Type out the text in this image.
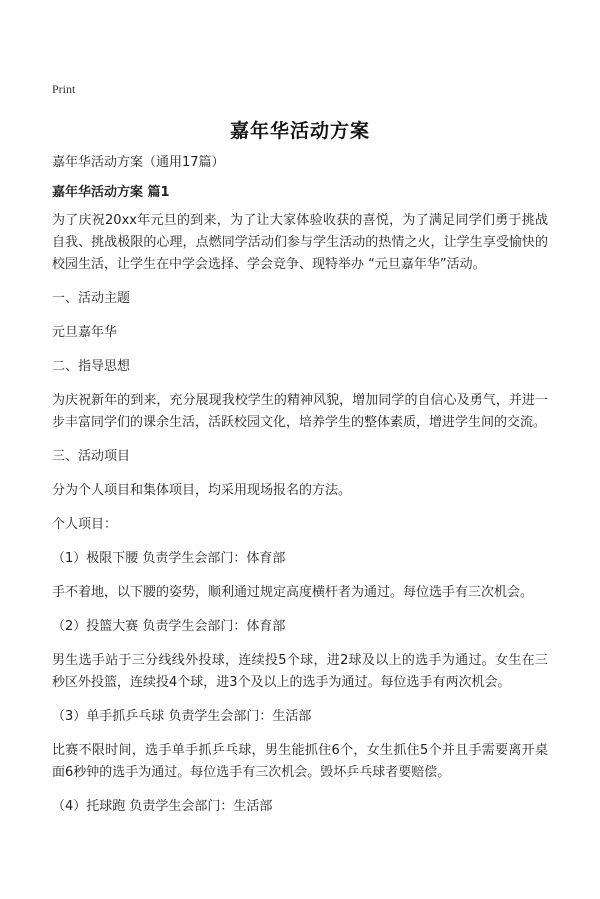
Print
嘉年华活动方案

嘉年华活动方案（通用17篇）

嘉年华活动方案 篇1

为了庆祝20xx年元旦的到来，为了让大家体验收获的喜悦，为了满足同学们勇于挑战自我、挑战极限的心理，点燃同学活动们参与学生活动的热情之火，让学生享受愉快的校园生活，让学生在中学会选择、学会竞争、现特举办 “元旦嘉年华”活动。

一、活动主题

元旦嘉年华

二、指导思想

为庆祝新年的到来，充分展现我校学生的精神风貌，增加同学的自信心及勇气，并进一步丰富同学们的课余生活，活跃校园文化，培养学生的整体素质，增进学生间的交流。

三、活动项目

分为个人项目和集体项目，均采用现场报名的方法。

个人项目：

（1）极限下腰 负责学生会部门：体育部

手不着地，以下腰的姿势，顺利通过规定高度横杆者为通过。每位选手有三次机会。

（2）投篮大赛 负责学生会部门：体育部

男生选手站于三分线线外投球，连续投5个球，进2球及以上的选手为通过。女生在三秒区外投篮，连续投4个球，进3个及以上的选手为通过。每位选手有两次机会。

（3）单手抓乒乓球 负责学生会部门：生活部

比赛不限时间，选手单手抓乒乓球，男生能抓住6个，女生抓住5个并且手需要离开桌面6秒钟的选手为通过。每位选手有三次机会。毁坏乒乓球者要赔偿。

（4）托球跑 负责学生会部门：生活部
